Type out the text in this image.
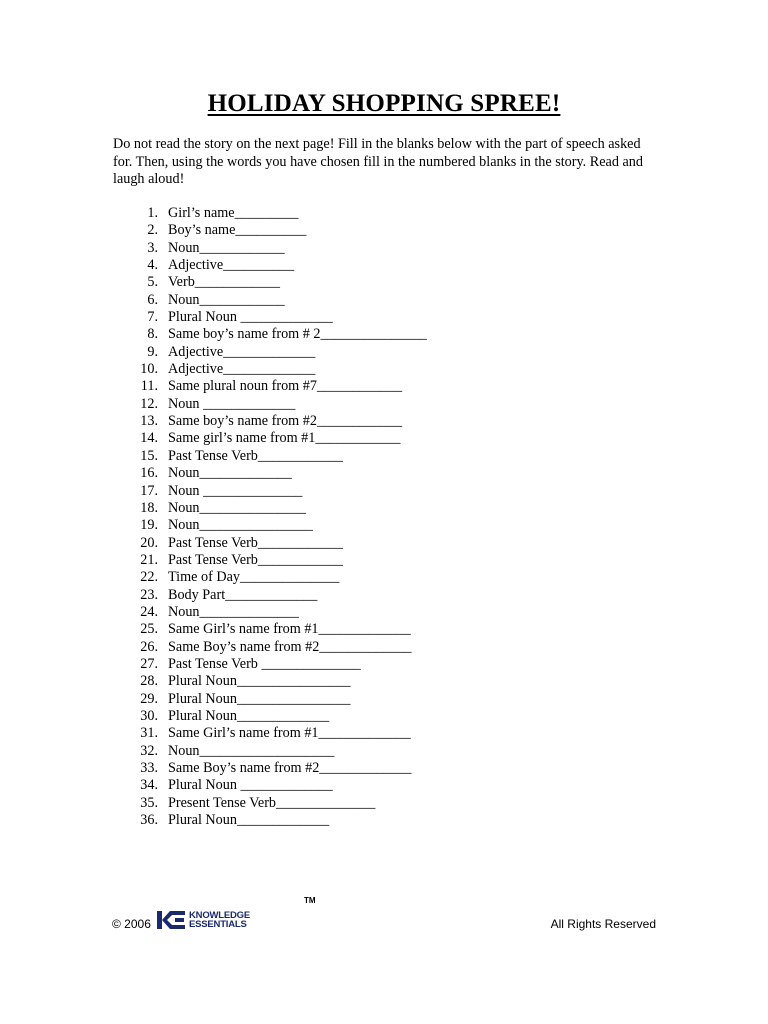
HOLIDAY SHOPPING SPREE!
Do not read the story on the next page! Fill in the blanks below with the part of speech asked for. Then, using the words you have chosen fill in the numbered blanks in the story. Read and laugh aloud!
1. Girl’s name_________
2. Boy’s name__________
3. Noun____________
4. Adjective__________
5. Verb____________
6. Noun____________
7. Plural Noun _____________
8. Same boy’s name from # 2_______________
9. Adjective_____________
10. Adjective_____________
11. Same plural noun from #7____________
12. Noun _____________
13. Same boy’s name from #2____________
14. Same girl’s name from #1____________
15. Past Tense Verb____________
16. Noun_____________
17. Noun ______________
18. Noun_______________
19. Noun________________
20. Past Tense Verb____________
21. Past Tense Verb____________
22. Time of Day______________
23. Body Part_____________
24. Noun______________
25. Same Girl’s name from #1_____________
26. Same Boy’s name from #2_____________
27. Past Tense Verb ______________
28. Plural Noun________________
29. Plural Noun________________
30. Plural Noun_____________
31. Same Girl’s name from #1_____________
32. Noun___________________
33. Same Boy’s name from #2_____________
34. Plural Noun _____________
35. Present Tense Verb______________
36. Plural Noun_____________
© 2006
KNOWLEDGE
ESSENTIALS
TM
All Rights Reserved
